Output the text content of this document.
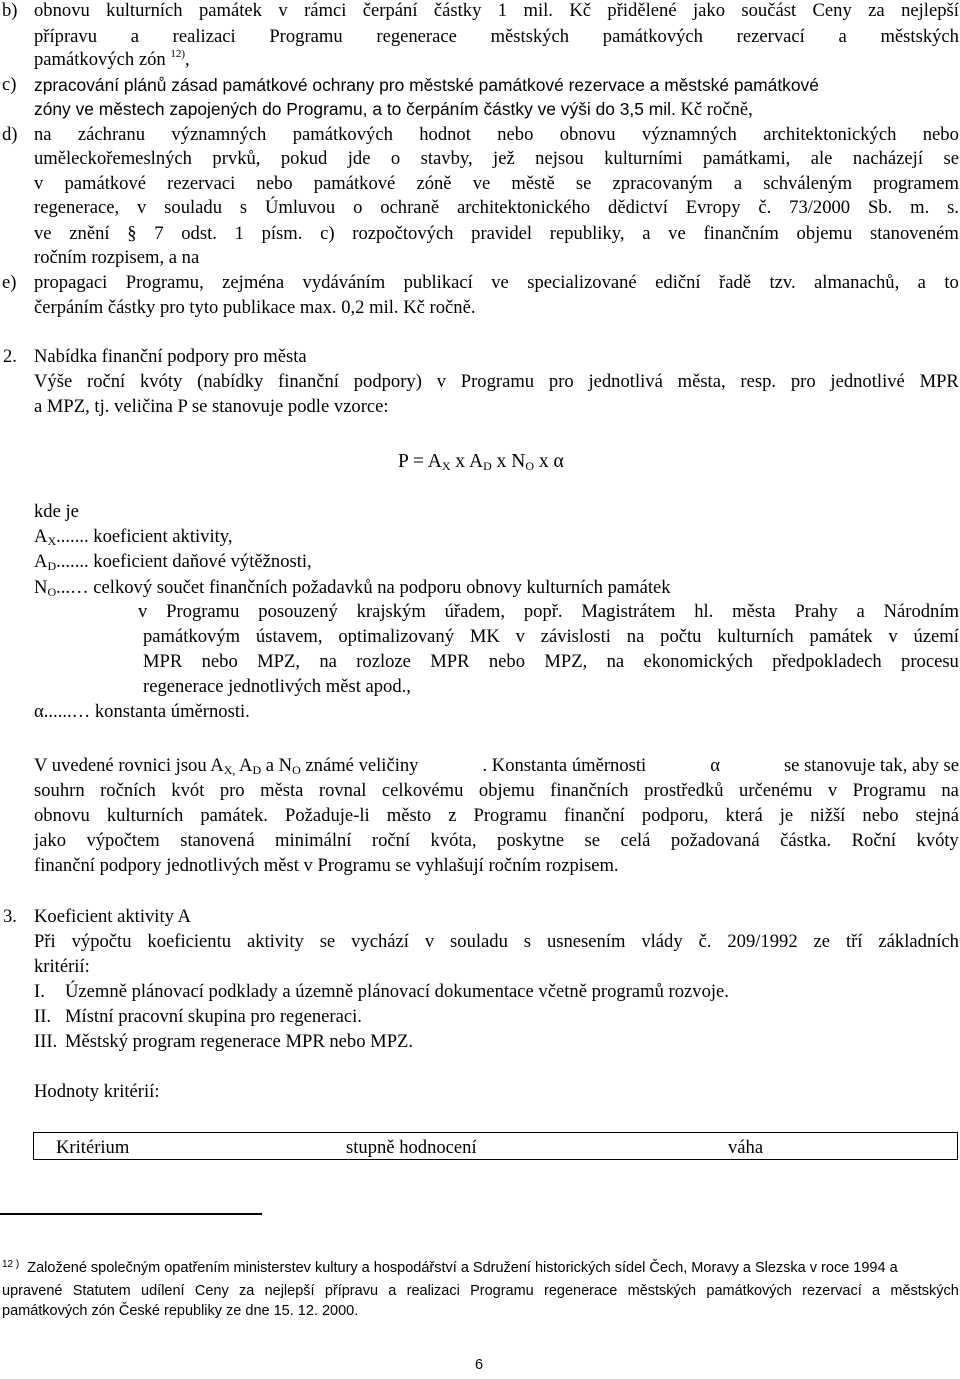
b) obnovu kulturních památek v rámci čerpání částky 1 mil. Kč přidělené jako součást Ceny za nejlepší
přípravu a realizaci Programu regenerace městských památkových rezervací a městských
památkových zón $^{12)}$,
c) zpracování plánů zásad památkové ochrany pro městské památkové rezervace a městské památkové
zóny ve městech zapojených do Programu, a to čerpáním částky ve výši do 3,5 mil. Kč ročně,
d) na záchranu významných památkových hodnot nebo obnovu významných architektonických nebo
uměleckořemeslných prvků, pokud jde o stavby, jež nejsou kulturními památkami, ale nacházejí se
v památkové rezervaci nebo památkové zóně ve městě se zpracovaným a schváleným programem
regenerace, v souladu s Úmluvou o ochraně architektonického dědictví Evropy č. 73/2000 Sb. m. s.
ve znění § 7 odst. 1 písm. c) rozpočtových pravidel republiky, a ve finančním objemu stanoveném
ročním rozpisem, a na
e) propagaci Programu, zejména vydáváním publikací ve specializované ediční řadě tzv. almanachů, a to
čerpáním částky pro tyto publikace max. 0,2 mil. Kč ročně.
2. Nabídka finanční podpory pro města
Výše roční kvóty (nabídky finanční podpory) v Programu pro jednotlivá města, resp. pro jednotlivé MPR
a MPZ, tj. veličina P se stanovuje podle vzorce:
P = AX x AD x NO x α
kde je
AX....... koeficient aktivity,
AD....... koeficient daňové výtěžnosti,
NO...… celkový součet finančních požadavků na podporu obnovy kulturních památek
v Programu posouzený krajským úřadem, popř. Magistrátem hl. města Prahy a Národním
památkovým ústavem, optimalizovaný MK v závislosti na počtu kulturních památek v území
MPR nebo MPZ, na rozloze MPR nebo MPZ, na ekonomických předpokladech procesu
regenerace jednotlivých měst apod.,
α......… konstanta úměrnosti.
V uvedené rovnici jsou AX, AD a NO známé veličiny	. Konstanta úměrnosti	α	se stanovuje tak, aby se
souhrn ročních kvót pro města rovnal celkovému objemu finančních prostředků určenému v Programu na
obnovu kulturních památek. Požaduje-li město z Programu finanční podporu, která je nižší nebo stejná
jako výpočtem stanovená minimální roční kvóta, poskytne se celá požadovaná částka. Roční kvóty
finanční podpory jednotlivých měst v Programu se vyhlašují ročním rozpisem.
3. Koeficient aktivity A
Při výpočtu koeficientu aktivity se vychází v souladu s usnesením vlády č. 209/1992 ze tří základních
kritérií:
I. Územně plánovací podklady a územně plánovací dokumentace včetně programů rozvoje.
II. Místní pracovní skupina pro regeneraci.
III. Městský program regenerace MPR nebo MPZ.
Hodnoty kritérií:
Kritérium	stupně hodnocení	váha
$^{12 )}$ Založené společným opatřením ministerstev kultury a hospodářství a Sdružení historických sídel Čech, Moravy a Slezska v roce 1994 a
upravené Statutem udílení Ceny za nejlepší přípravu a realizaci Programu regenerace městských památkových rezervací a městských
památkových zón České republiky ze dne 15. 12. 2000.
6
